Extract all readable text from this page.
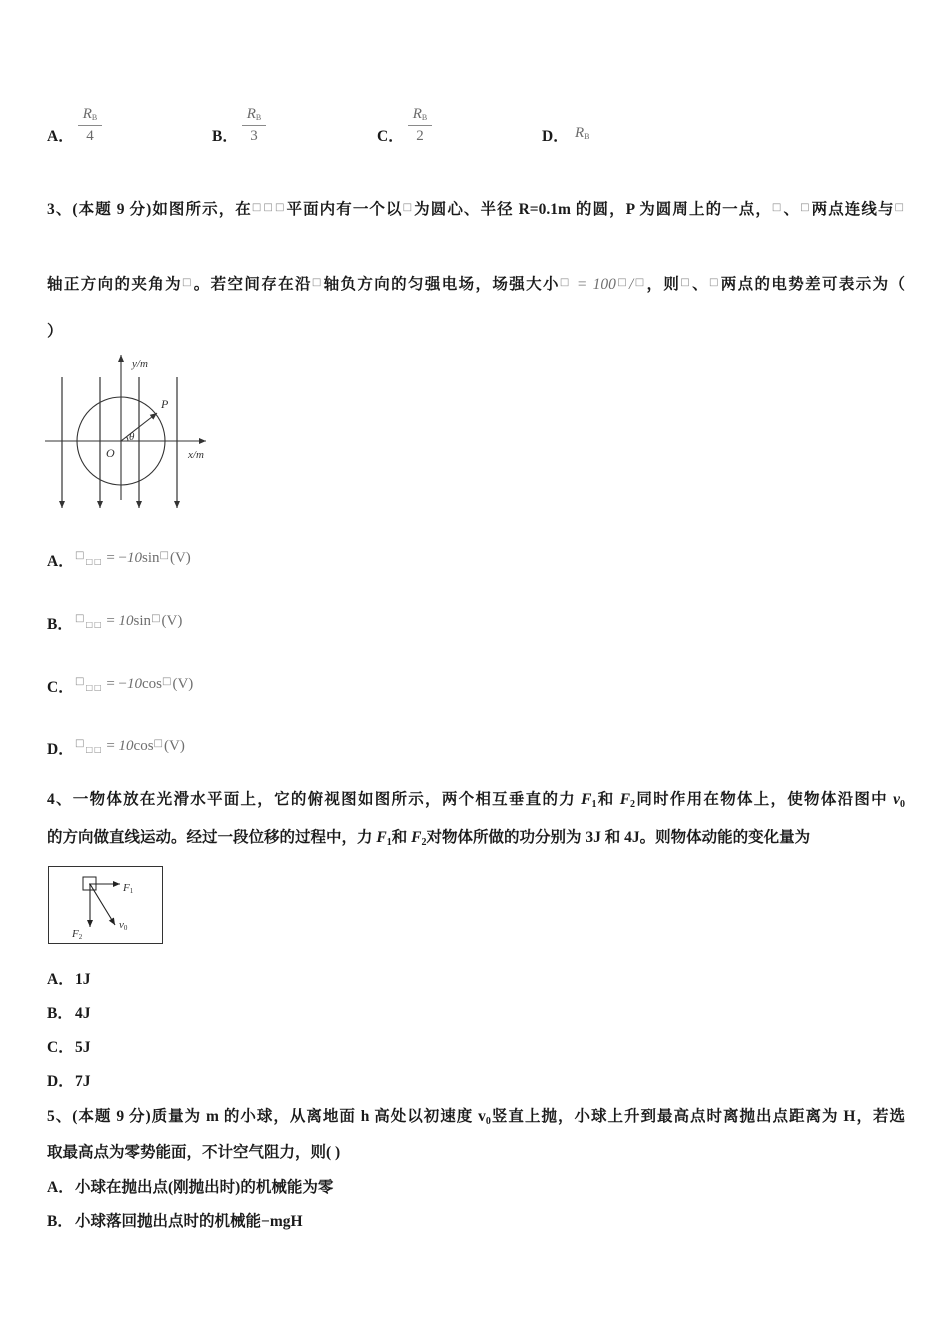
A． $\frac{R_B}{4}$	B． $\frac{R_B}{3}$	C． $\frac{R_B}{2}$	D． $R_B$
3、(本题 9 分)如图所示，在□□□平面内有一个以□为圆心、半径 R=0.1m 的圆，P 为圆周上的一点，□、□两点连线与□
轴正方向的夹角为□。若空间存在沿□轴负方向的匀强电场，场强大小□ = 100□/□，则□、□两点的电势差可表示为（
）
y/m
P
θ
O	x/m
A． □□□ = −10sin□(V)
B． □□□ = 10sin□(V)
C． □□□ = −10cos□(V)
D． □□□ = 10cos□(V)
4、一物体放在光滑水平面上，它的俯视图如图所示，两个相互垂直的力 $F_1$和 $F_2$同时作用在物体上，使物体沿图中 $v_0$
的方向做直线运动。经过一段位移的过程中，力 $F_1$和 $F_2$对物体所做的功分别为 3J 和 4J。则物体动能的变化量为
F1
F2
v0
A． 1J
B． 4J
C． 5J
D． 7J
5、(本题 9 分)质量为 m 的小球，从离地面 h 高处以初速度 $v_0$竖直上抛，小球上升到最高点时离抛出点距离为 H，若选
取最高点为零势能面，不计空气阻力，则( )
A． 小球在抛出点(刚抛出时)的机械能为零
B． 小球落回抛出点时的机械能−mgH
